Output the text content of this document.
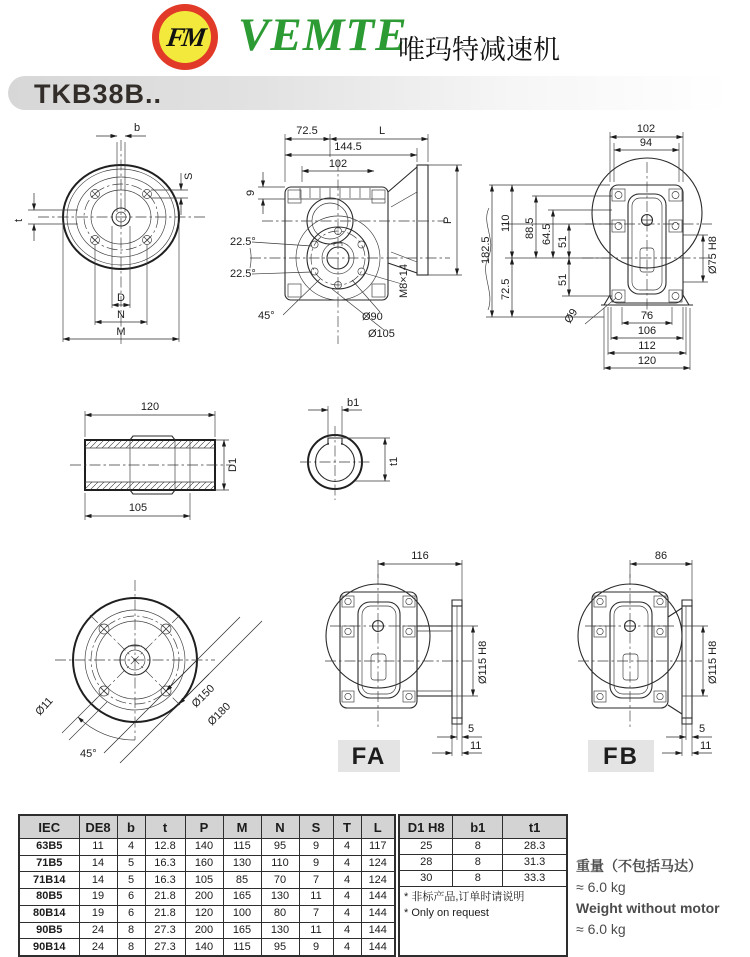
FM VEMTE
唯玛特减速机
TKB38B..
b
S
t
D
N
M
72.5	L
144.5
102
9
22.5°
22.5°
45°
M8×14
Ø90
Ø105
P
102
94
182.5
110 88.5 64.5 51
72.5	51
Ø9
Ø75 H8
76
106
112
120
120
105
D1
b1
t1
Ø150
Ø180
Ø11
45°
116
Ø115 H8
5
11
FA
86
Ø115 H8
5
11
FB
IEC	DE8	b	t	P	M	N	S	T	L
63B5	11	4	12.8	140	115	95	9	4	117
71B5	14	5	16.3	160	130	110	9	4	124
71B14	14	5	16.3	105	85	70	7	4	124
80B5	19	6	21.8	200	165	130	11	4	144
80B14	19	6	21.8	120	100	80	7	4	144
90B5	24	8	27.3	200	165	130	11	4	144
90B14	24	8	27.3	140	115	95	9	4	144
D1 H8	b1	t1
25	8	28.3
28	8	31.3
30	8	33.3

* 非标产品,订单时请说明
* Only on request		
重量（不包括马达）
≈ 6.0 kg
Weight without motor
≈ 6.0 kg
